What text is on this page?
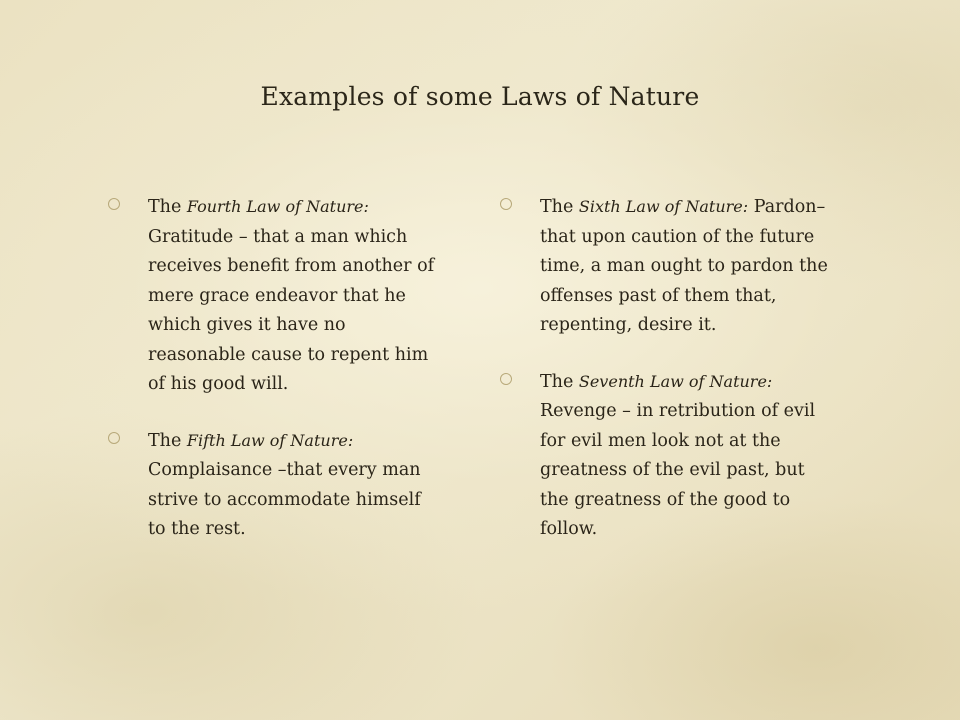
Examples of some Laws of Nature
The Fourth Law of Nature: Gratitude – that a man which receives benefit from another of mere grace endeavor that he which gives it have no reasonable cause to repent him of his good will.
The Fifth Law of Nature: Complaisance –that every man strive to accommodate himself to the rest.
The Sixth Law of Nature: Pardon– that upon caution of the future time, a man ought to pardon the offenses past of them that, repenting, desire it.
The Seventh Law of Nature: Revenge – in retribution of evil for evil men look not at the greatness of the evil past, but the greatness of the good to follow.
